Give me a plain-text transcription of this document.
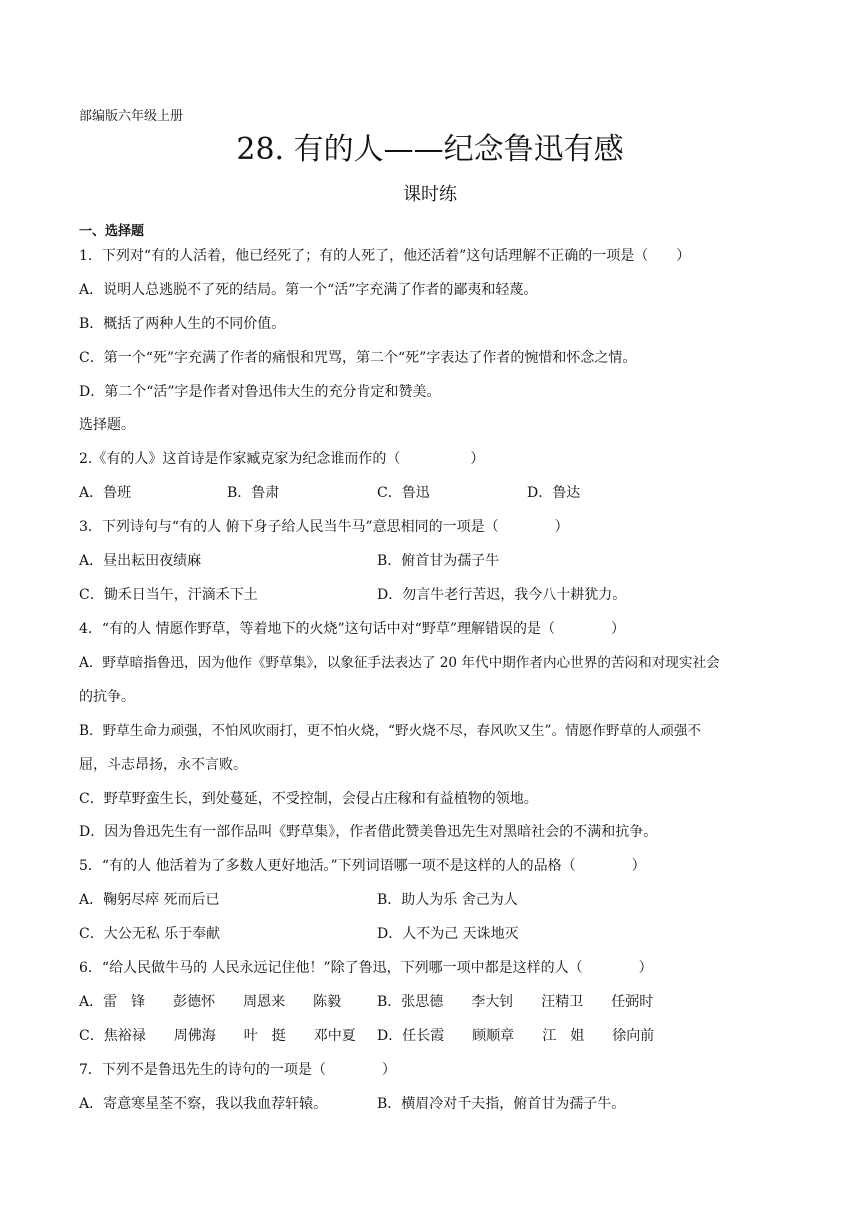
部编版六年级上册
28. 有的人——纪念鲁迅有感
课时练
一、选择题
1．下列对“有的人活着，他已经死了；有的人死了，他还活着”这句话理解不正确的一项是（　　）
A．说明人总逃脱不了死的结局。第一个“活”字充满了作者的鄙夷和轻蔑。
B．概括了两种人生的不同价值。
C．第一个“死”字充满了作者的痛恨和咒骂，第二个“死”字表达了作者的惋惜和怀念之情。
D．第二个“活”字是作者对鲁迅伟大生的充分肯定和赞美。
选择题。
2.《有的人》这首诗是作家臧克家为纪念谁而作的（　　　　　）
A．鲁班	B．鲁肃	C．鲁迅	D．鲁达
3．下列诗句与“有的人 俯下身子给人民当牛马”意思相同的一项是（　　　　）
A．昼出耘田夜绩麻	B．俯首甘为孺子牛
C．锄禾日当午，汗滴禾下土	D．勿言牛老行苦迟，我今八十耕犹力。
4．“有的人 情愿作野草，等着地下的火烧”这句话中对“野草”理解错误的是（　　　　）
A．野草暗指鲁迅，因为他作《野草集》，以象征手法表达了 20 年代中期作者内心世界的苦闷和对现实社会
的抗争。
B．野草生命力顽强，不怕风吹雨打，更不怕火烧，“野火烧不尽，春风吹又生”。情愿作野草的人顽强不
屈，斗志昂扬，永不言败。
C．野草野蛮生长，到处蔓延，不受控制，会侵占庄稼和有益植物的领地。
D．因为鲁迅先生有一部作品叫《野草集》，作者借此赞美鲁迅先生对黑暗社会的不满和抗争。
5．“有的人 他活着为了多数人更好地活。”下列词语哪一项不是这样的人的品格（　　　　）
A．鞠躬尽瘁 死而后已	B．助人为乐 舍己为人
C．大公无私 乐于奉献	D．人不为己 天诛地灭
6．“给人民做牛马的 人民永远记住他！”除了鲁迅，下列哪一项中都是这样的人（　　　　）
A．雷　锋　　彭德怀　　周恩来　　陈毅	B．张思德　　李大钊　　汪精卫　　任弼时
C．焦裕禄　　周佛海　　叶　挺　　邓中夏 D．任长霞　　顾顺章　　江　姐　　徐向前
7．下列不是鲁迅先生的诗句的一项是（　　　　）
A．寄意寒星荃不察，我以我血荐轩辕。	B．横眉冷对千夫指，俯首甘为孺子牛。
